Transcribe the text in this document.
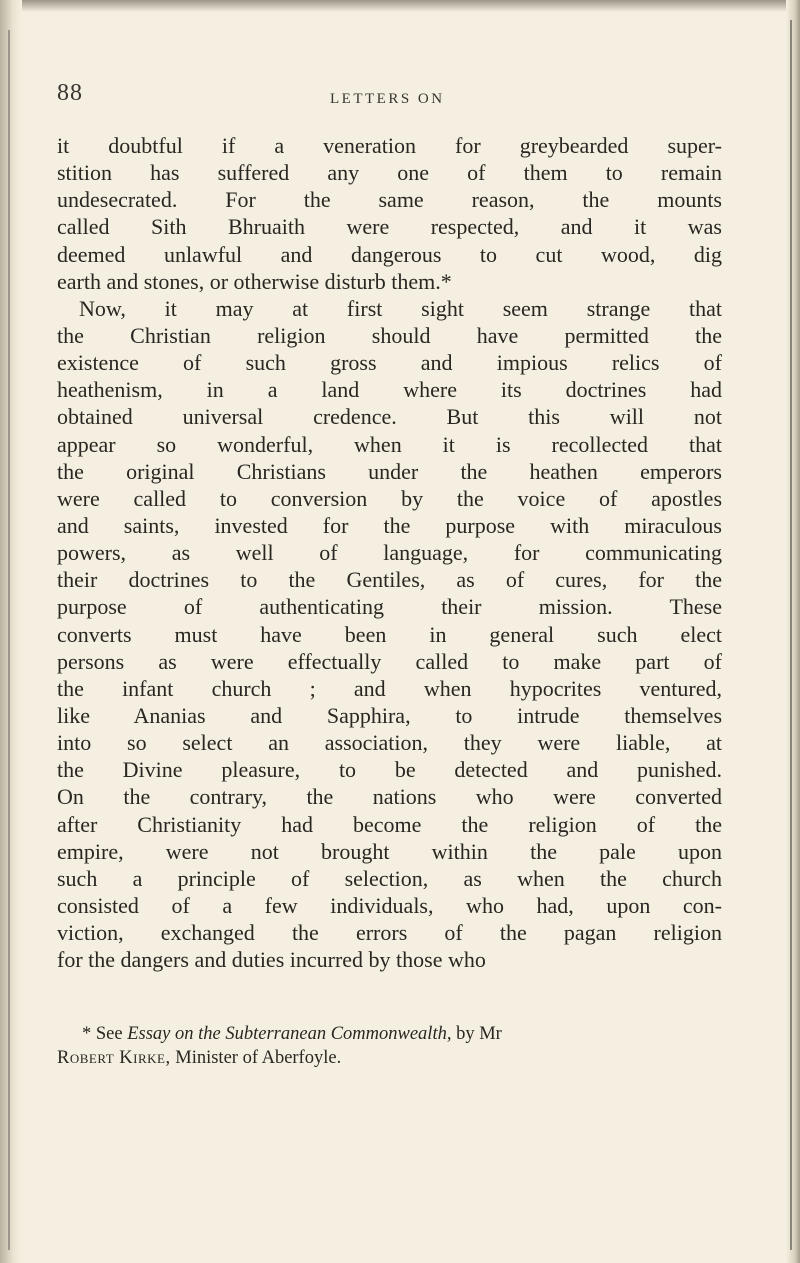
88	LETTERS ON
it doubtful if a veneration for greybearded super-
stition has suffered any one of them to remain
undesecrated. For the same reason, the mounts
called Sith Bhruaith were respected, and it was
deemed unlawful and dangerous to cut wood, dig
earth and stones, or otherwise disturb them.*
Now, it may at first sight seem strange that
the Christian religion should have permitted the
existence of such gross and impious relics of
heathenism, in a land where its doctrines had
obtained universal credence. But this will not
appear so wonderful, when it is recollected that
the original Christians under the heathen emperors
were called to conversion by the voice of apostles
and saints, invested for the purpose with miraculous
powers, as well of language, for communicating
their doctrines to the Gentiles, as of cures, for the
purpose of authenticating their mission. These
converts must have been in general such elect
persons as were effectually called to make part of
the infant church ; and when hypocrites ventured,
like Ananias and Sapphira, to intrude themselves
into so select an association, they were liable, at
the Divine pleasure, to be detected and punished.
On the contrary, the nations who were converted
after Christianity had become the religion of the
empire, were not brought within the pale upon
such a principle of selection, as when the church
consisted of a few individuals, who had, upon con-
viction, exchanged the errors of the pagan religion
for the dangers and duties incurred by those who
* See Essay on the Subterranean Commonwealth, by Mr
Robert Kirke, Minister of Aberfoyle.
